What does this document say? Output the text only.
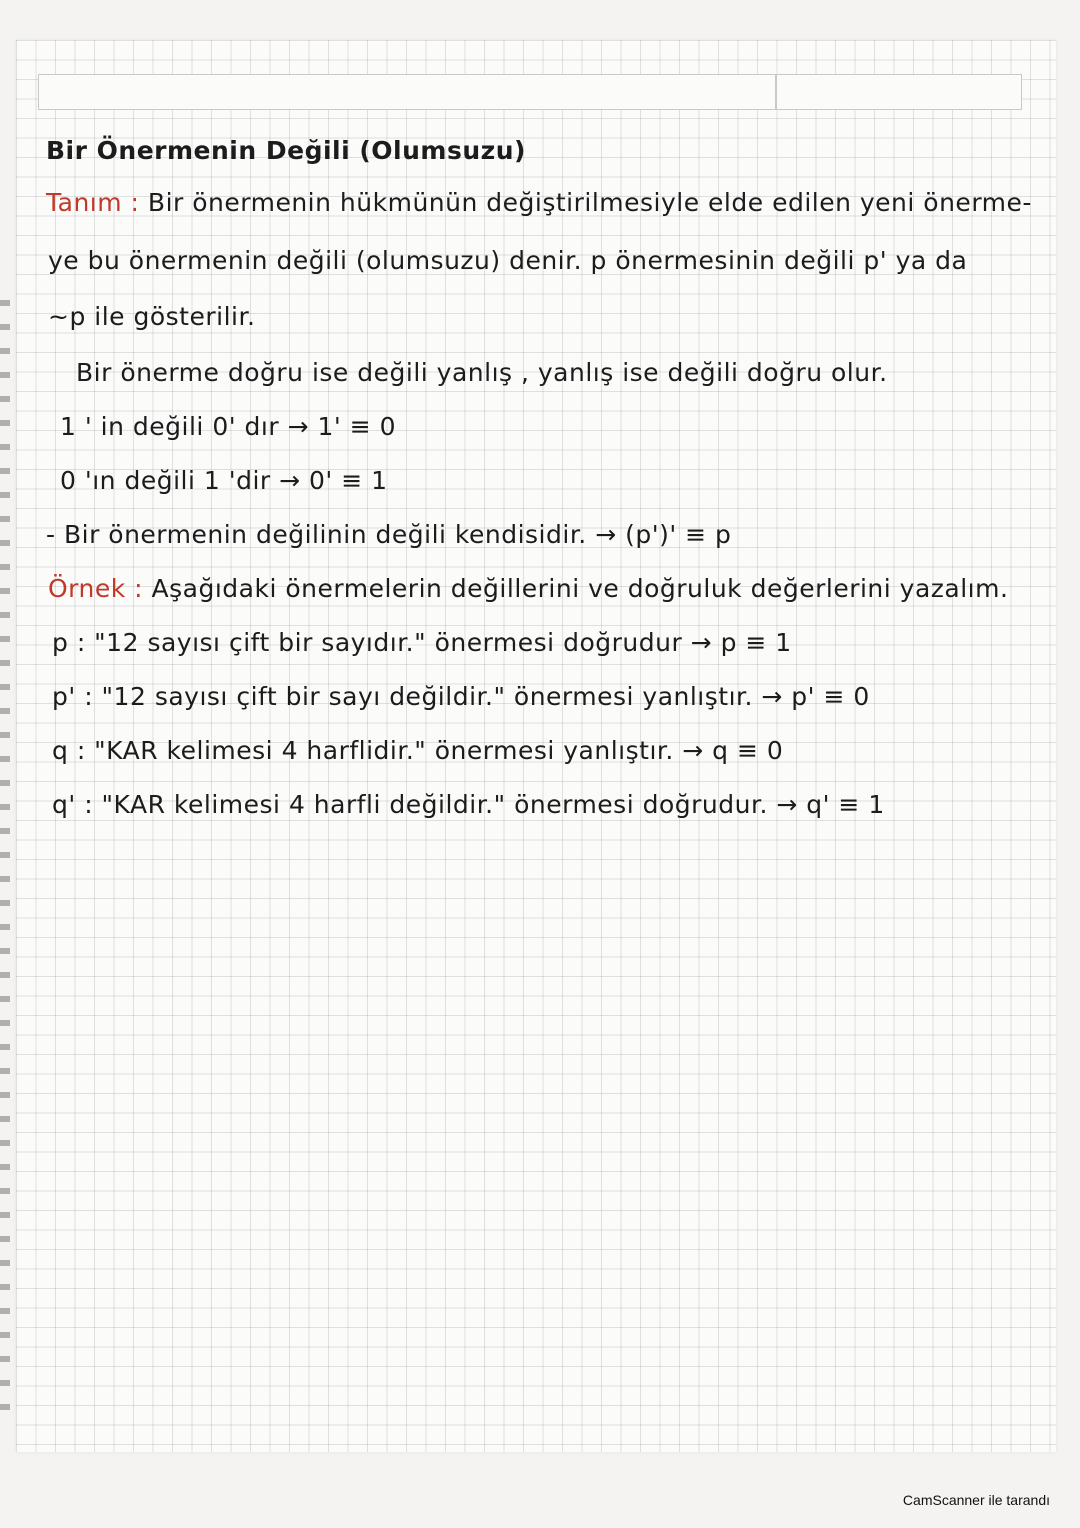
Bir Önermenin Değili (Olumsuzu)
Tanım : Bir önermenin hükmünün değiştirilmesiyle elde edilen yeni önerme-
ye bu önermenin değili (olumsuzu) denir. p önermesinin değili p' ya da
~p ile gösterilir.
Bir önerme doğru ise değili yanlış , yanlış ise değili doğru olur.
1 ' in değili 0' dır → 1' ≡ 0
0 'ın değili 1 'dir → 0' ≡ 1
- Bir önermenin değilinin değili kendisidir. → (p')' ≡ p
Örnek : Aşağıdaki önermelerin değillerini ve doğruluk değerlerini yazalım.
p : "12 sayısı çift bir sayıdır." önermesi doğrudur → p ≡ 1
p' : "12 sayısı çift bir sayı değildir." önermesi yanlıştır. → p' ≡ 0
q : "KAR kelimesi 4 harflidir." önermesi yanlıştır. → q ≡ 0
q' : "KAR kelimesi 4 harfli değildir." önermesi doğrudur. → q' ≡ 1
CamScanner ile tarandı
